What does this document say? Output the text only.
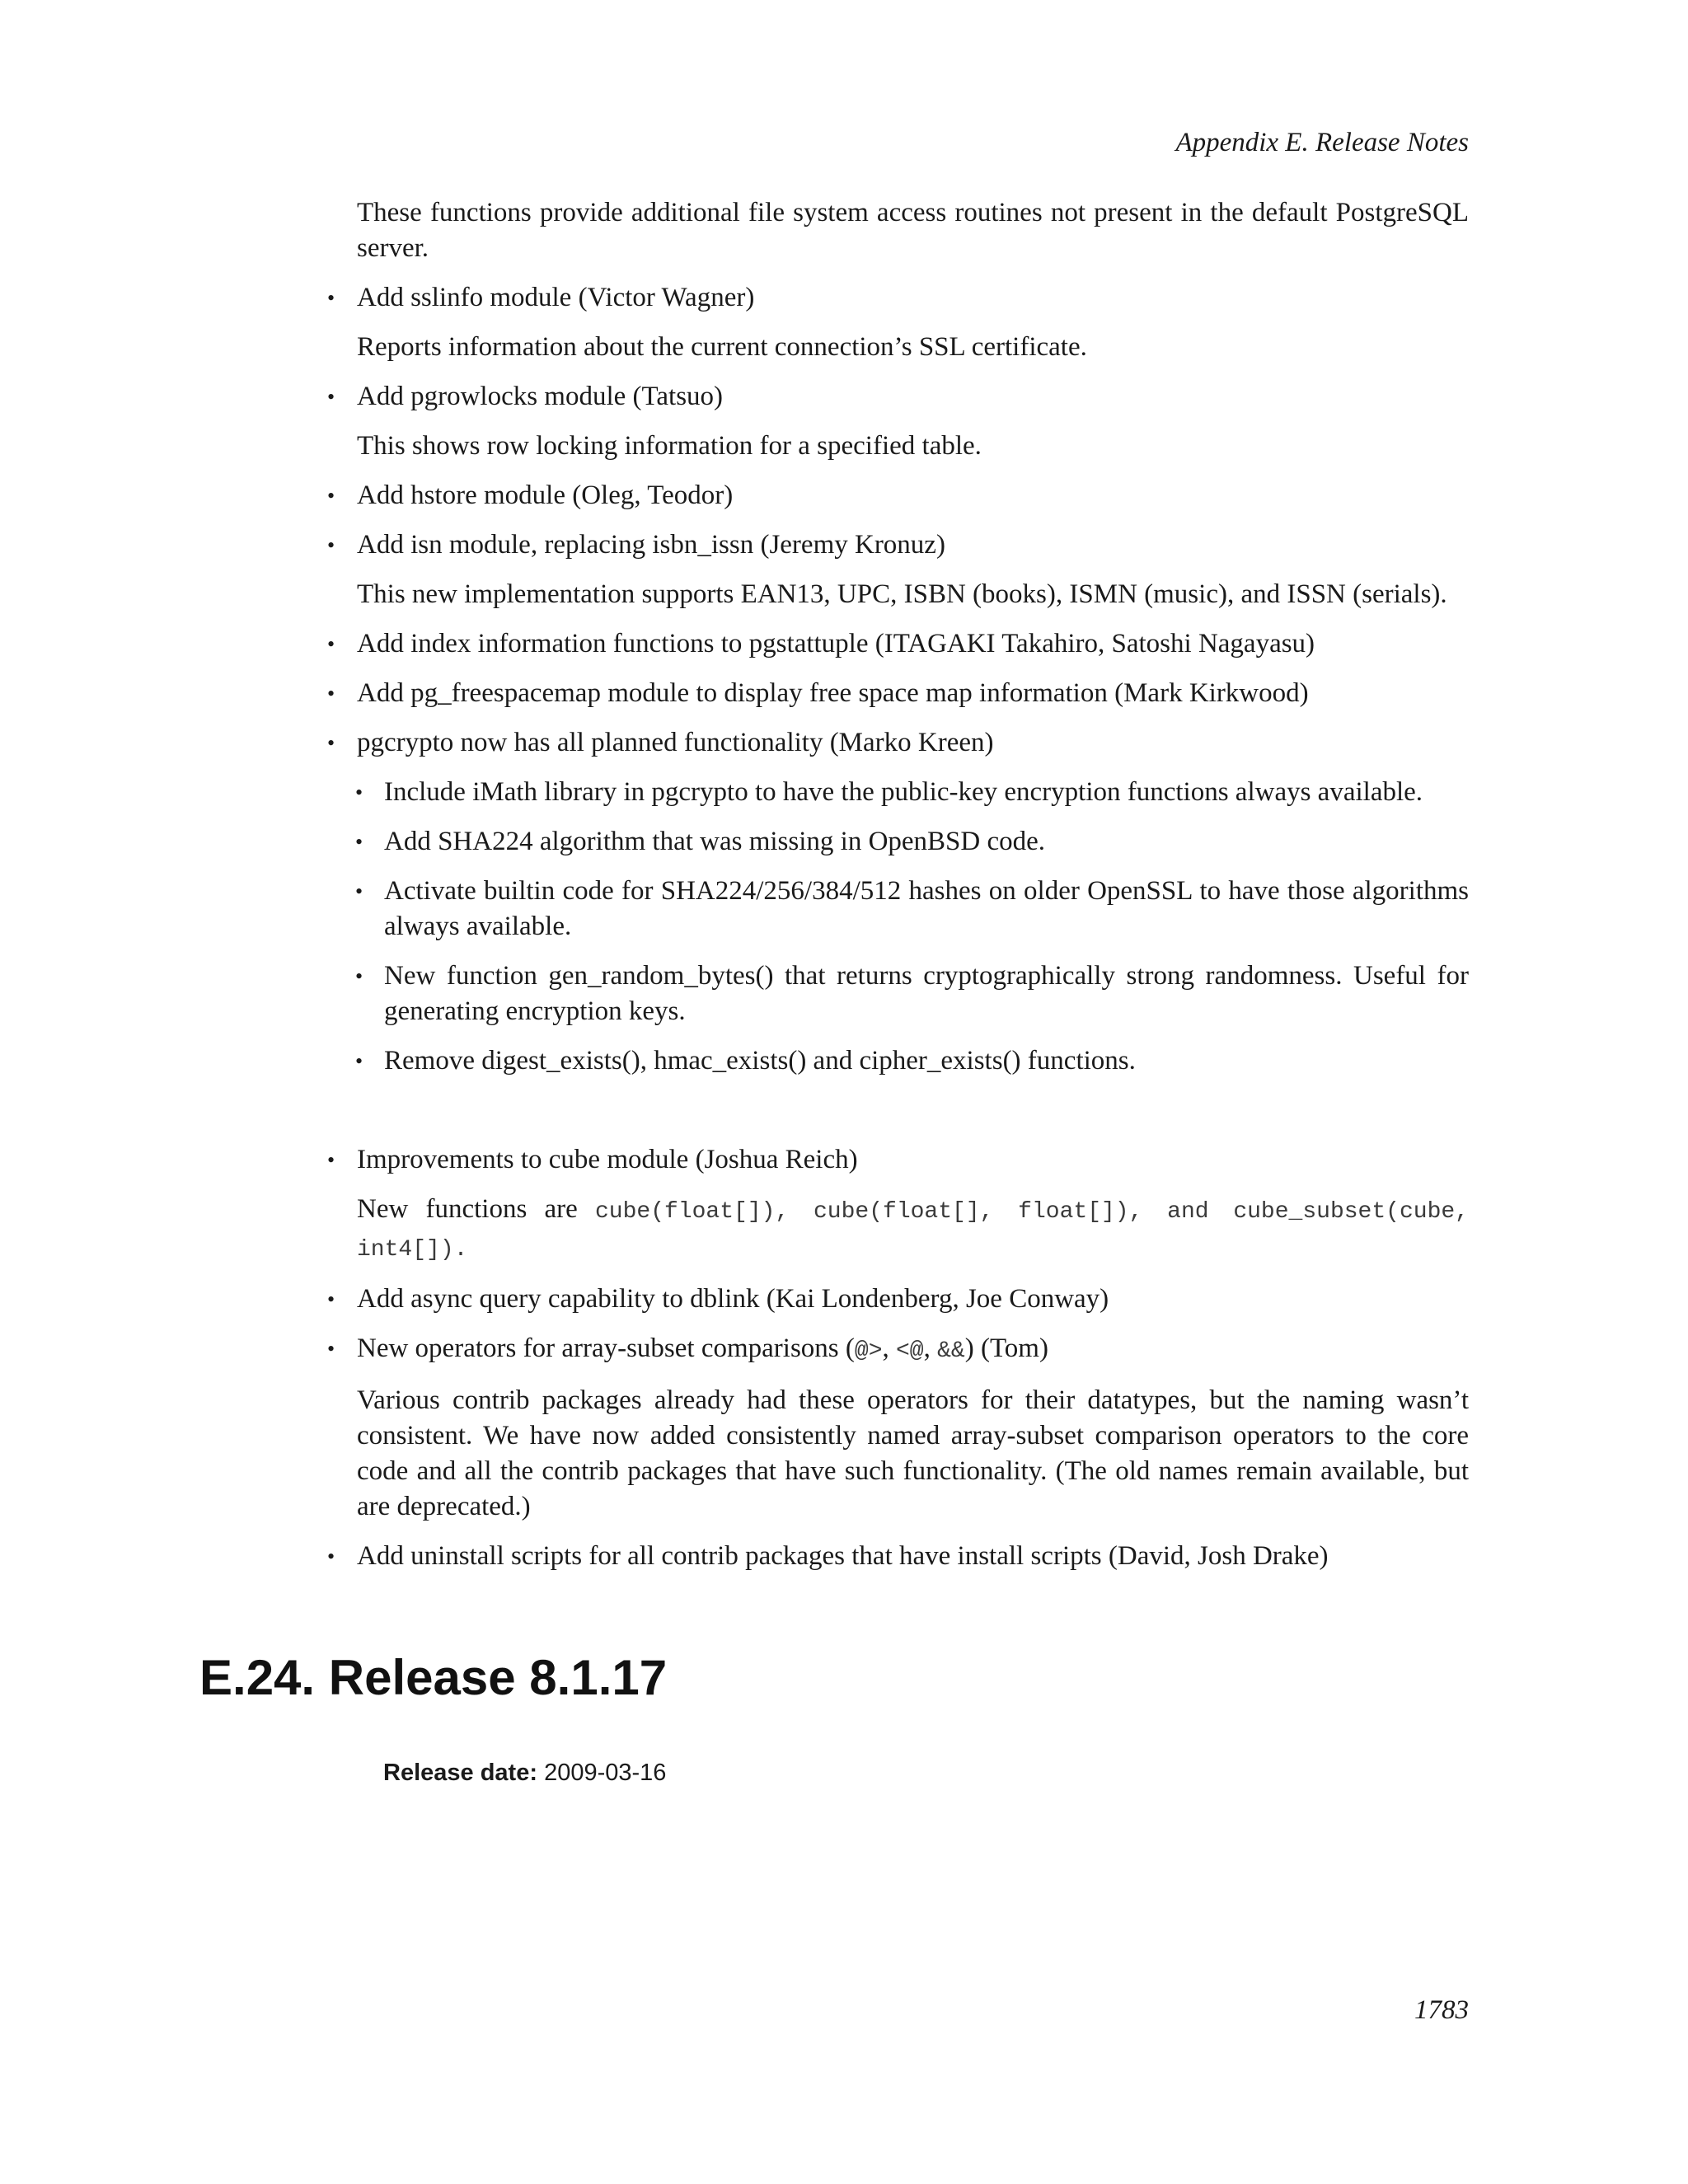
Appendix E. Release Notes

These functions provide additional file system access routines not present in the default PostgreSQL server.

• Add sslinfo module (Victor Wagner)
Reports information about the current connection’s SSL certificate.
• Add pgrowlocks module (Tatsuo)
This shows row locking information for a specified table.
• Add hstore module (Oleg, Teodor)
• Add isn module, replacing isbn_issn (Jeremy Kronuz)
This new implementation supports EAN13, UPC, ISBN (books), ISMN (music), and ISSN (serials).
• Add index information functions to pgstattuple (ITAGAKI Takahiro, Satoshi Nagayasu)
• Add pg_freespacemap module to display free space map information (Mark Kirkwood)
• pgcrypto now has all planned functionality (Marko Kreen)
• Include iMath library in pgcrypto to have the public-key encryption functions always available.
• Add SHA224 algorithm that was missing in OpenBSD code.
• Activate builtin code for SHA224/256/384/512 hashes on older OpenSSL to have those algorithms always available.
• New function gen_random_bytes() that returns cryptographically strong randomness. Useful for generating encryption keys.
• Remove digest_exists(), hmac_exists() and cipher_exists() functions.
• Improvements to cube module (Joshua Reich)
New functions are cube(float[]), cube(float[], float[]), and cube_subset(cube, int4[]).
• Add async query capability to dblink (Kai Londenberg, Joe Conway)
• New operators for array-subset comparisons (@>, <@, &&) (Tom)
Various contrib packages already had these operators for their datatypes, but the naming wasn’t consistent. We have now added consistently named array-subset comparison operators to the core code and all the contrib packages that have such functionality. (The old names remain available, but are deprecated.)
• Add uninstall scripts for all contrib packages that have install scripts (David, Josh Drake)
E.24. Release 8.1.17
Release date: 2009-03-16
1783
